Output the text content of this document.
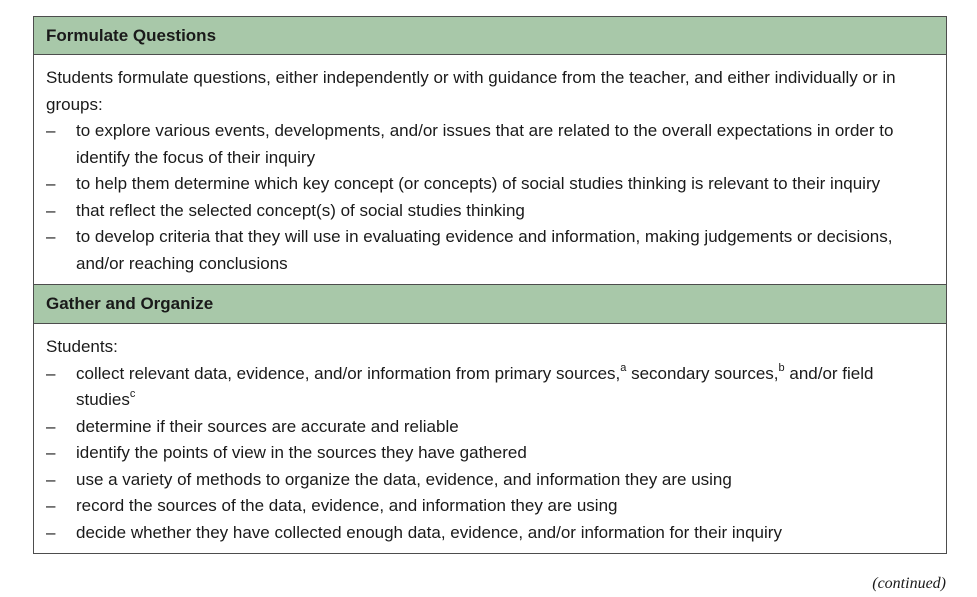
Formulate Questions

Students formulate questions, either independently or with guidance from the teacher, and either individually or in groups:

– to explore various events, developments, and/or issues that are related to the overall expectations in order to identify the focus of their inquiry
– to help them determine which key concept (or concepts) of social studies thinking is relevant to their inquiry
– that reflect the selected concept(s) of social studies thinking
– to develop criteria that they will use in evaluating evidence and information, making judgements or decisions, and/or reaching conclusions
Gather and Organize

Students:

– collect relevant data, evidence, and/or information from primary sources,$^a$ secondary sources,$^b$ and/or field studies$^c$
– determine if their sources are accurate and reliable
– identify the points of view in the sources they have gathered
– use a variety of methods to organize the data, evidence, and information they are using
– record the sources of the data, evidence, and information they are using
– decide whether they have collected enough data, evidence, and/or information for their inquiry
(continued)
